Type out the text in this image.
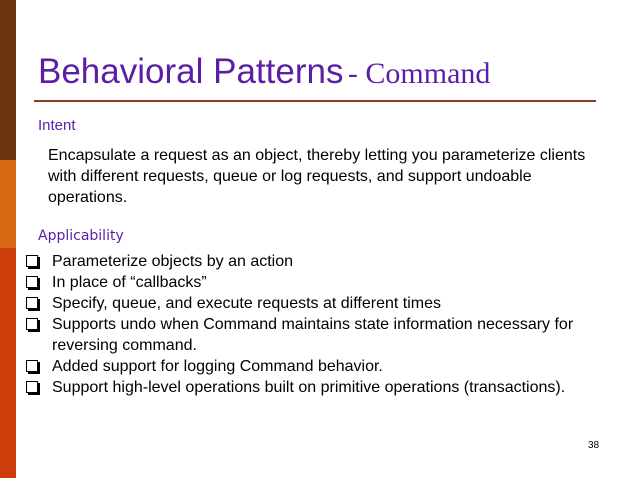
Behavioral Patterns - Command
Intent

Encapsulate a request as an object, thereby letting you parameterize clients with different requests, queue or log requests, and support undoable operations.

Applicability
Parameterize objects by an action
In place of “callbacks”
Specify, queue, and execute requests at different times
Supports undo when Command maintains state information necessary for reversing command.
Added support for logging Command behavior.
Support high-level operations built on primitive operations (transactions).
38
